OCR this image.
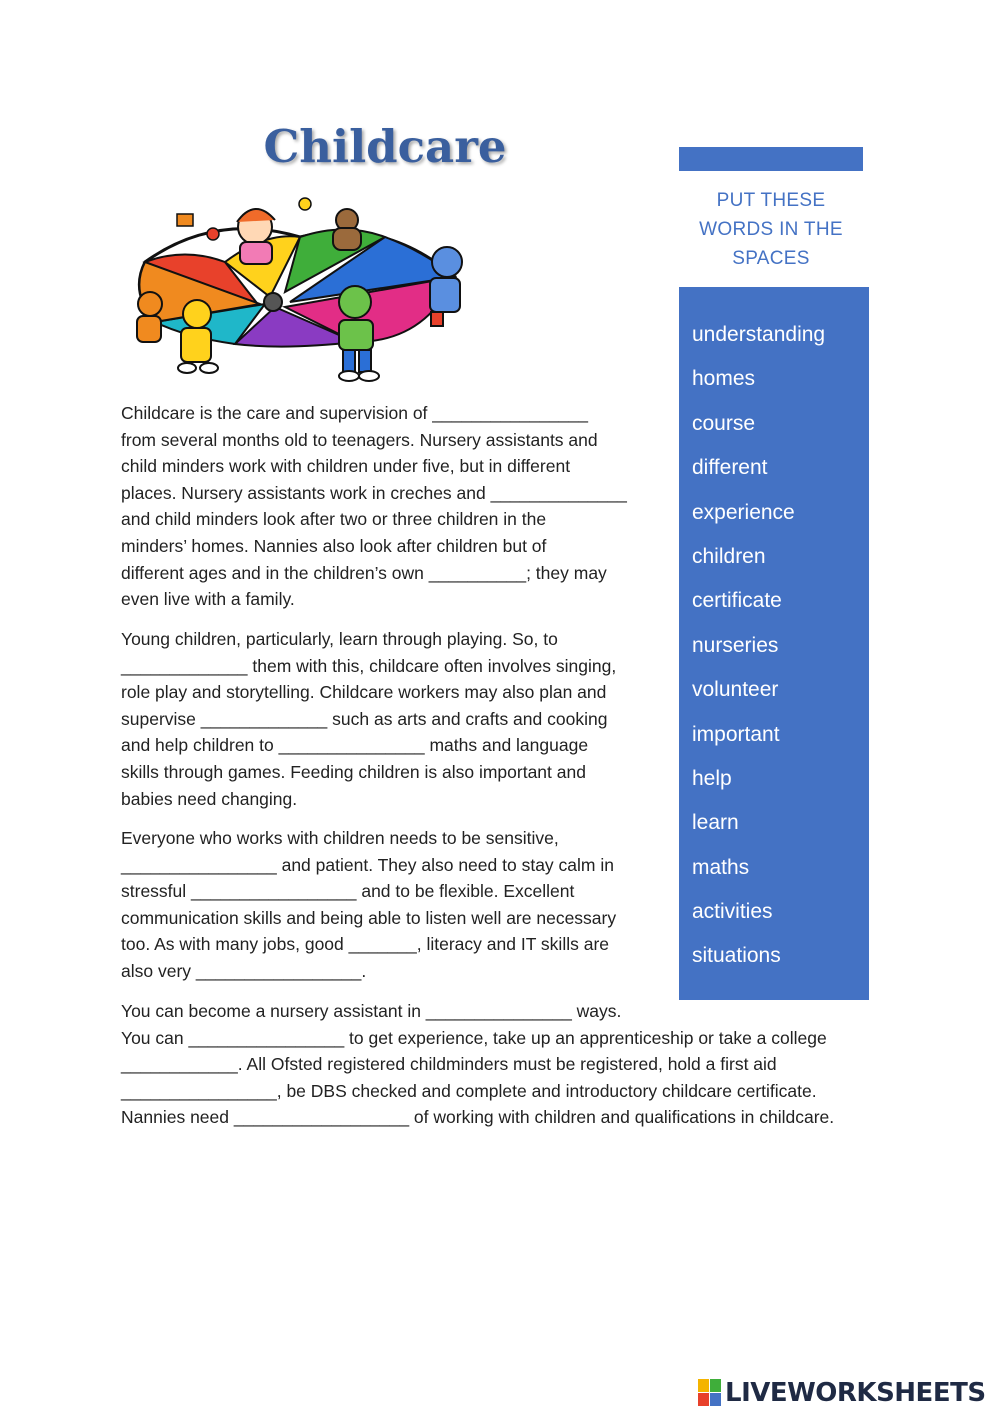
Childcare
PUT THESE
WORDS IN THE
SPACES
understanding
homes
course
different
experience
children
certificate
nurseries
volunteer
important
help
learn
maths
activities
situations
Childcare is the care and supervision of ________________
from several months old to teenagers. Nursery assistants and
child minders work with children under five, but in different
places. Nursery assistants work in creches and ______________
and child minders look after two or three children in the
minders’ homes. Nannies also look after children but of
different ages and in the children’s own __________; they may
even live with a family.
Young children, particularly, learn through playing. So, to
_____________ them with this, childcare often involves singing,
role play and storytelling. Childcare workers may also plan and
supervise _____________ such as arts and crafts and cooking
and help children to _______________ maths and language
skills through games. Feeding children is also important and
babies need changing.
Everyone who works with children needs to be sensitive,
________________ and patient. They also need to stay calm in
stressful _________________ and to be flexible. Excellent
communication skills and being able to listen well are necessary
too. As with many jobs, good _______, literacy and IT skills are
also very _________________.
You can become a nursery assistant in _______________ ways.
You can ________________ to get experience, take up an apprenticeship or take a college
____________. All Ofsted registered childminders must be registered, hold a first aid
________________, be DBS checked and complete and introductory childcare certificate.
Nannies need __________________ of working with children and qualifications in childcare.
LIVEWORKSHEETS
